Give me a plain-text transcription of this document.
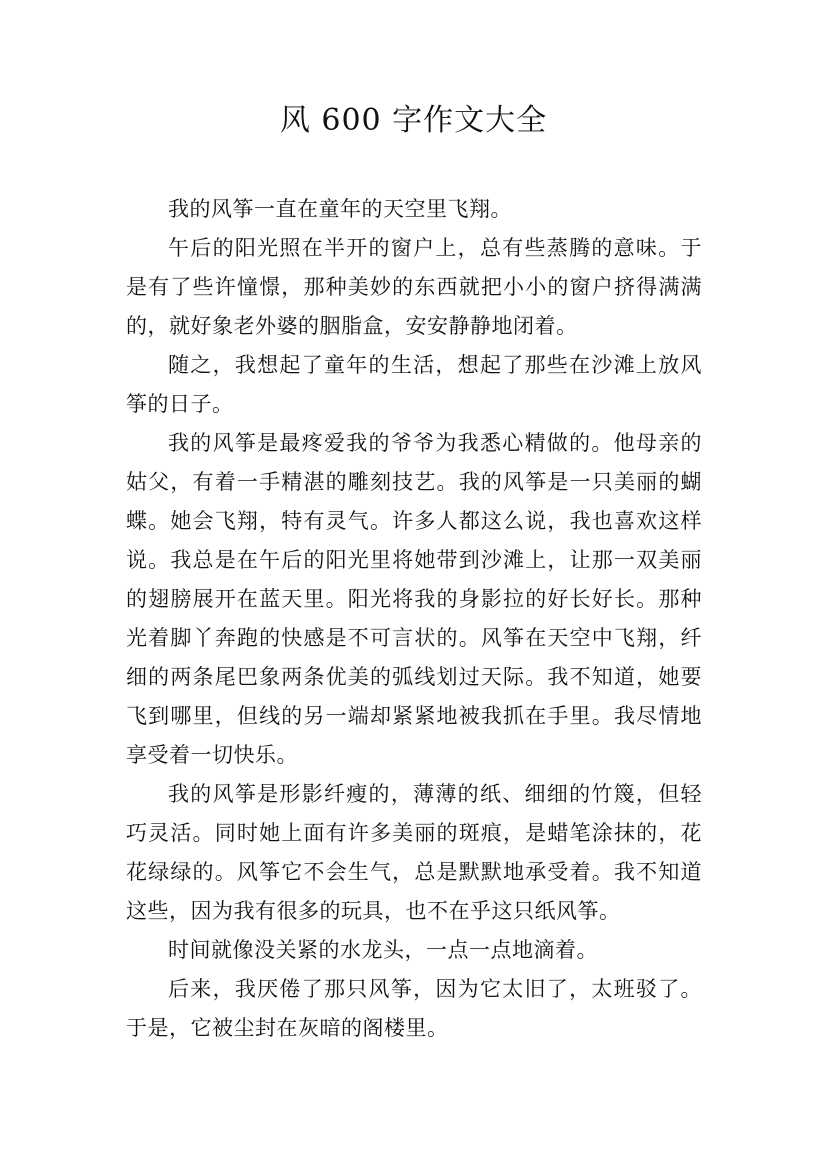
风 600 字作文大全

我的风筝一直在童年的天空里飞翔。

午后的阳光照在半开的窗户上，总有些蒸腾的意味。于是有了些许憧憬，那种美妙的东西就把小小的窗户挤得满满的，就好象老外婆的胭脂盒，安安静静地闭着。

随之，我想起了童年的生活，想起了那些在沙滩上放风筝的日子。

我的风筝是最疼爱我的爷爷为我悉心精做的。他母亲的姑父，有着一手精湛的雕刻技艺。我的风筝是一只美丽的蝴蝶。她会飞翔，特有灵气。许多人都这么说，我也喜欢这样说。我总是在午后的阳光里将她带到沙滩上，让那一双美丽的翅膀展开在蓝天里。阳光将我的身影拉的好长好长。那种光着脚丫奔跑的快感是不可言状的。风筝在天空中飞翔，纤细的两条尾巴象两条优美的弧线划过天际。我不知道，她要飞到哪里，但线的另一端却紧紧地被我抓在手里。我尽情地享受着一切快乐。

我的风筝是形影纤瘦的，薄薄的纸、细细的竹篾，但轻巧灵活。同时她上面有许多美丽的斑痕，是蜡笔涂抹的，花花绿绿的。风筝它不会生气，总是默默地承受着。我不知道这些，因为我有很多的玩具，也不在乎这只纸风筝。

时间就像没关紧的水龙头，一点一点地滴着。

后来，我厌倦了那只风筝，因为它太旧了，太班驳了。于是，它被尘封在灰暗的阁楼里。
